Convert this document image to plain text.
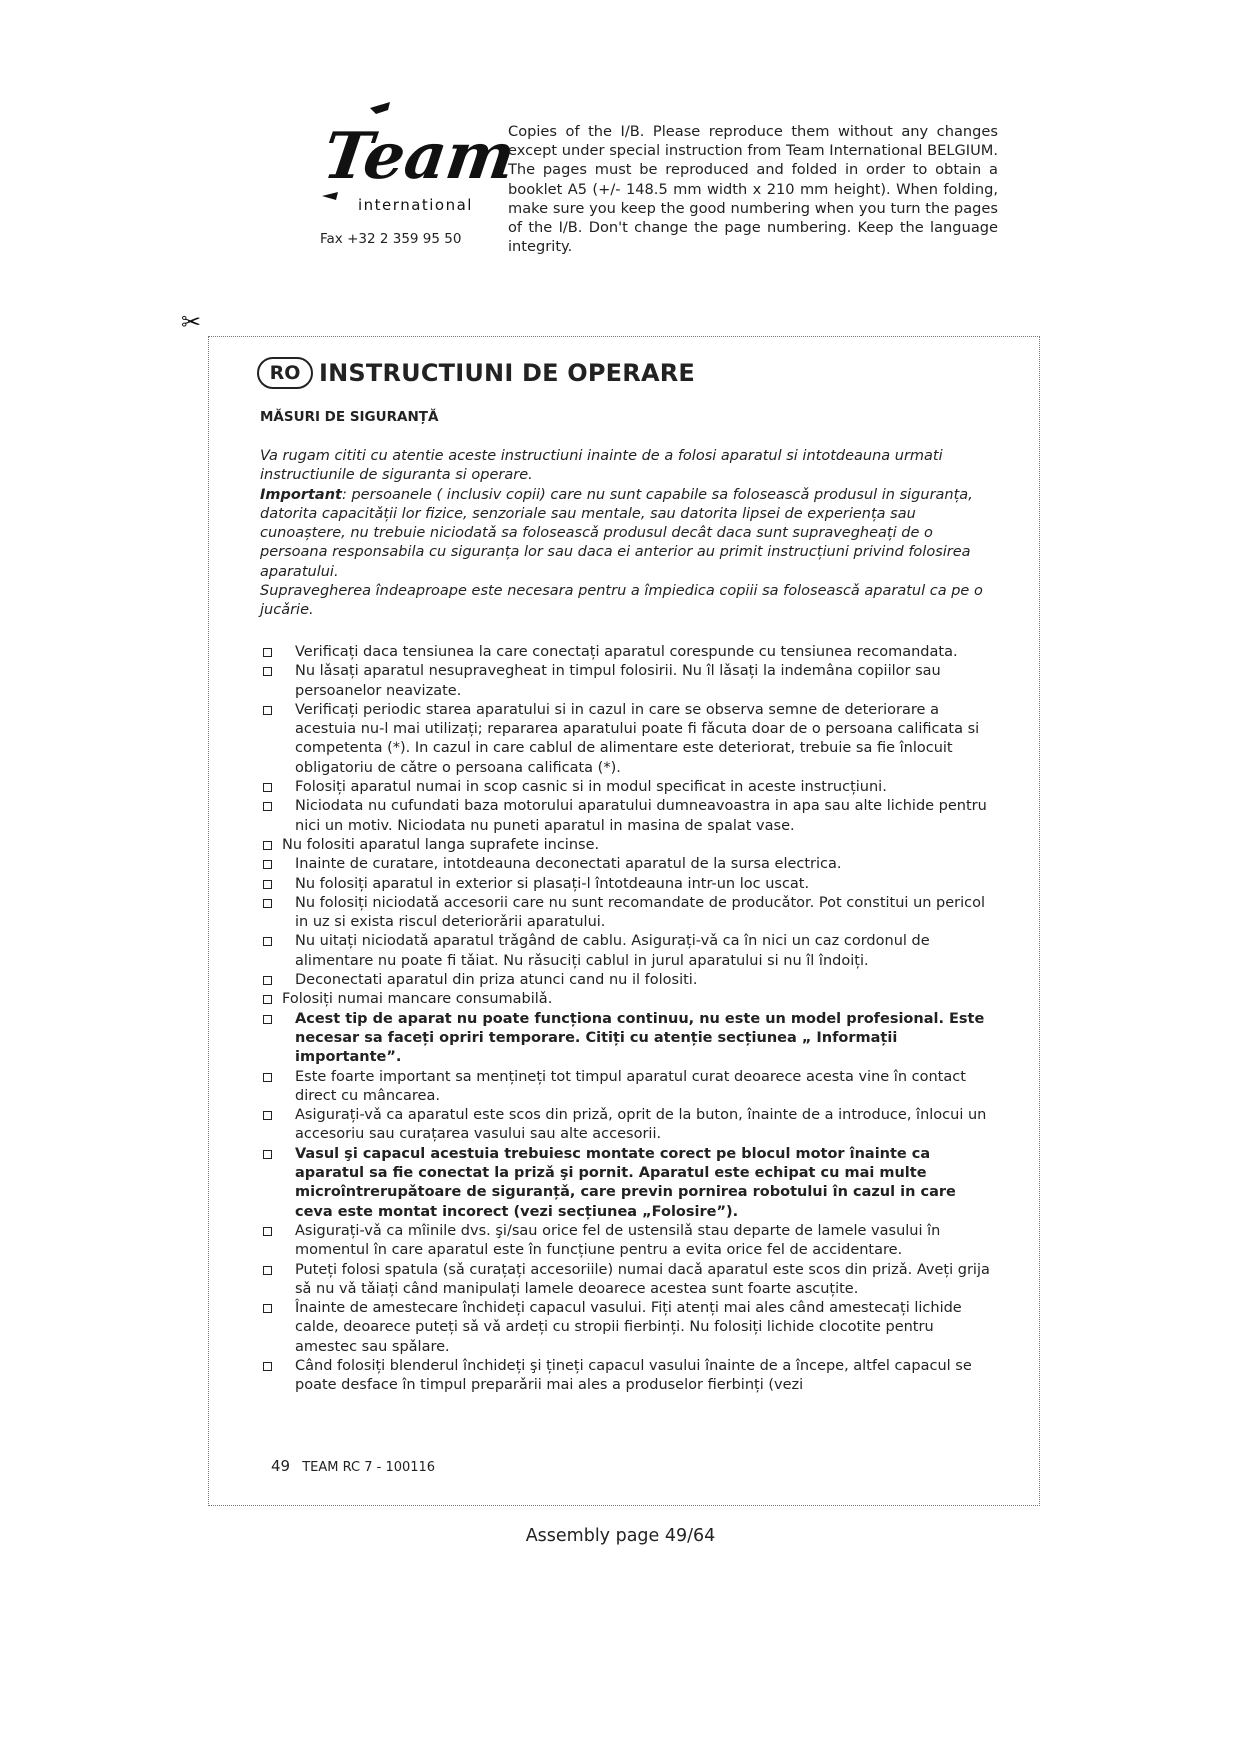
Team
international
Fax +32 2 359 95 50
Copies of the I/B. Please reproduce them without any changes except under special instruction from Team International BELGIUM. The pages must be reproduced and folded in order to obtain a booklet A5 (+/- 148.5 mm width x 210 mm height). When folding, make sure you keep the good numbering when you turn the pages of the I/B. Don't change the page numbering. Keep the language integrity.
✂
RO INSTRUCTIUNI DE OPERARE
MĂSURI DE SIGURANȚĂ

Va rugam cititi cu atentie aceste instructiuni inainte de a folosi aparatul si intotdeauna urmati instructiunile de siguranta si operare.

Important: persoanele ( inclusiv copii) care nu sunt capabile sa foloseascǎ produsul in siguranța, datorita capacitǎții lor fizice, senzoriale sau mentale, sau datorita lipsei de experiența sau cunoaștere, nu trebuie niciodatǎ sa foloseascǎ produsul decât daca sunt supravegheați de o persoana responsabila cu siguranța lor sau daca ei anterior au primit instrucțiuni privind folosirea aparatului.

Supravegherea îndeaproape este necesara pentru a împiedica copiii sa foloseascǎ aparatul ca pe o jucǎrie.

Verificați daca tensiunea la care conectați aparatul corespunde cu tensiunea recomandata.
Nu lǎsați aparatul nesupravegheat in timpul folosirii. Nu îl lǎsați la indemâna copiilor sau persoanelor neavizate.
Verificați periodic starea aparatului si in cazul in care se observa semne de deteriorare a acestuia nu-l mai utilizați; repararea aparatului poate fi fǎcuta doar de o persoana calificata si competenta (*). In cazul in care cablul de alimentare este deteriorat, trebuie sa fie înlocuit obligatoriu de cǎtre o persoana calificata (*).
Folosiți aparatul numai in scop casnic si in modul specificat in aceste instrucțiuni.
Niciodata nu cufundati baza motorului aparatului dumneavoastra in apa sau alte lichide pentru nici un motiv. Niciodata nu puneti aparatul in masina de spalat vase.
Nu folositi aparatul langa suprafete incinse.
Inainte de curatare, intotdeauna deconectati aparatul de la sursa electrica.
Nu folosiți aparatul in exterior si plasați-l întotdeauna intr-un loc uscat.
Nu folosiți niciodatǎ accesorii care nu sunt recomandate de producǎtor. Pot constitui un pericol in uz si exista riscul deteriorǎrii aparatului.
Nu uitați niciodatǎ aparatul trǎgând de cablu. Asigurați-vǎ ca în nici un caz cordonul de alimentare nu poate fi tǎiat. Nu rǎsuciți cablul in jurul aparatului si nu îl îndoiți.
Deconectati aparatul din priza atunci cand nu il folositi.
Folosiți numai mancare consumabilǎ.
Acest tip de aparat nu poate funcționa continuu, nu este un model profesional. Este necesar sa faceți opriri temporare. Citiți cu atenție secțiunea „ Informații importante”.
Este foarte important sa mențineți tot timpul aparatul curat deoarece acesta vine în contact direct cu mâncarea.
Asigurați-vǎ ca aparatul este scos din prizǎ, oprit de la buton, înainte de a introduce, înlocui un accesoriu sau curațarea vasului sau alte accesorii.
Vasul şi capacul acestuia trebuiesc montate corect pe blocul motor înainte ca aparatul sa fie conectat la prizǎ şi pornit. Aparatul este echipat cu mai multe microîntrerupǎtoare de siguranțǎ, care previn pornirea robotului în cazul in care ceva este montat incorect (vezi secțiunea „Folosire”).
Asigurați-vǎ ca mîinile dvs. şi/sau orice fel de ustensilǎ stau departe de lamele vasului în momentul în care aparatul este în funcțiune pentru a evita orice fel de accidentare.
Puteți folosi spatula (sǎ curațați accesoriile) numai dacǎ aparatul este scos din prizǎ. Aveți grija sǎ nu vǎ tǎiați când manipulați lamele deoarece acestea sunt foarte ascuțite.
Înainte de amestecare închideți capacul vasului. Fiți atenți mai ales când amestecați lichide calde, deoarece puteți sǎ vǎ ardeți cu stropii fierbinți. Nu folosiți lichide clocotite pentru amestec sau spǎlare.
Când folosiți blenderul închideți şi țineți capacul vasului înainte de a începe, altfel capacul se poate desface în timpul preparǎrii mai ales a produselor fierbinți (vezi
49 TEAM RC 7 - 100116
Assembly page 49/64
